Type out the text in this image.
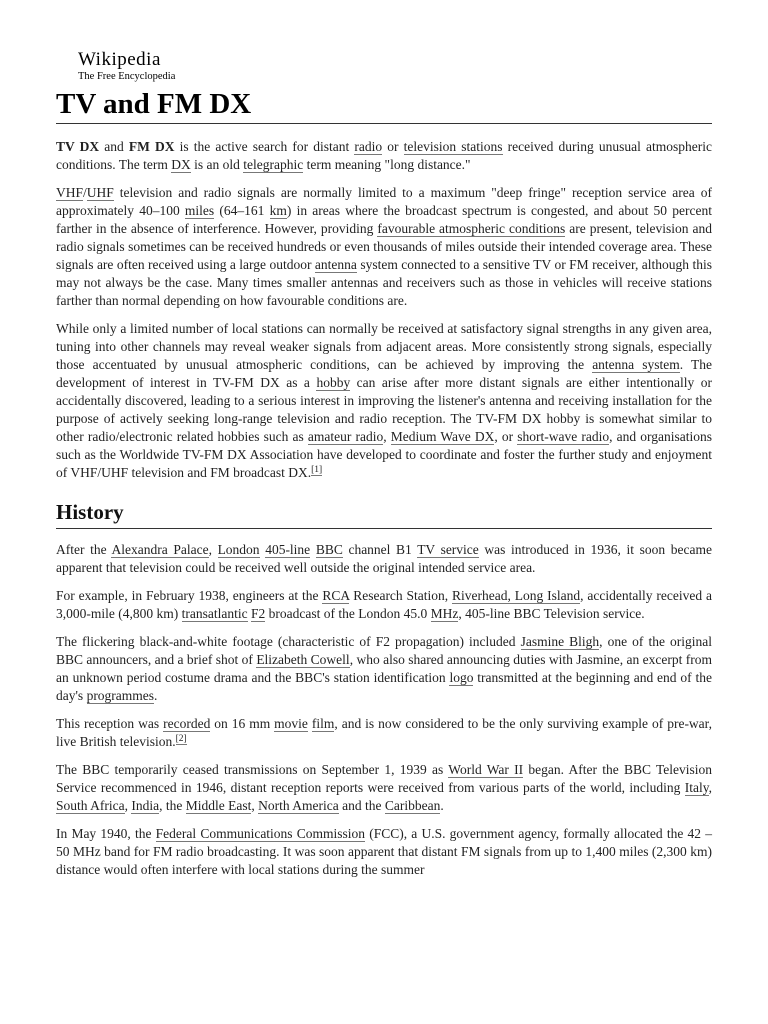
Wikipedia
The Free Encyclopedia
TV and FM DX

TV DX and FM DX is the active search for distant radio or television stations received during unusual atmospheric conditions. The term DX is an old telegraphic term meaning "long distance."

VHF/UHF television and radio signals are normally limited to a maximum "deep fringe" reception service area of approximately 40–100 miles (64–161 km) in areas where the broadcast spectrum is congested, and about 50 percent farther in the absence of interference. However, providing favourable atmospheric conditions are present, television and radio signals sometimes can be received hundreds or even thousands of miles outside their intended coverage area. These signals are often received using a large outdoor antenna system connected to a sensitive TV or FM receiver, although this may not always be the case. Many times smaller antennas and receivers such as those in vehicles will receive stations farther than normal depending on how favourable conditions are.

While only a limited number of local stations can normally be received at satisfactory signal strengths in any given area, tuning into other channels may reveal weaker signals from adjacent areas. More consistently strong signals, especially those accentuated by unusual atmospheric conditions, can be achieved by improving the antenna system. The development of interest in TV-FM DX as a hobby can arise after more distant signals are either intentionally or accidentally discovered, leading to a serious interest in improving the listener's antenna and receiving installation for the purpose of actively seeking long-range television and radio reception. The TV-FM DX hobby is somewhat similar to other radio/electronic related hobbies such as amateur radio, Medium Wave DX, or short-wave radio, and organisations such as the Worldwide TV-FM DX Association have developed to coordinate and foster the further study and enjoyment of VHF/UHF television and FM broadcast DX.[1]

History

After the Alexandra Palace, London 405-line BBC channel B1 TV service was introduced in 1936, it soon became apparent that television could be received well outside the original intended service area.

For example, in February 1938, engineers at the RCA Research Station, Riverhead, Long Island, accidentally received a 3,000-mile (4,800 km) transatlantic F2 broadcast of the London 45.0 MHz, 405-line BBC Television service.

The flickering black-and-white footage (characteristic of F2 propagation) included Jasmine Bligh, one of the original BBC announcers, and a brief shot of Elizabeth Cowell, who also shared announcing duties with Jasmine, an excerpt from an unknown period costume drama and the BBC's station identification logo transmitted at the beginning and end of the day's programmes.

This reception was recorded on 16 mm movie film, and is now considered to be the only surviving example of pre-war, live British television.[2]

The BBC temporarily ceased transmissions on September 1, 1939 as World War II began. After the BBC Television Service recommenced in 1946, distant reception reports were received from various parts of the world, including Italy, South Africa, India, the Middle East, North America and the Caribbean.

In May 1940, the Federal Communications Commission (FCC), a U.S. government agency, formally allocated the 42 – 50 MHz band for FM radio broadcasting. It was soon apparent that distant FM signals from up to 1,400 miles (2,300 km) distance would often interfere with local stations during the summer
